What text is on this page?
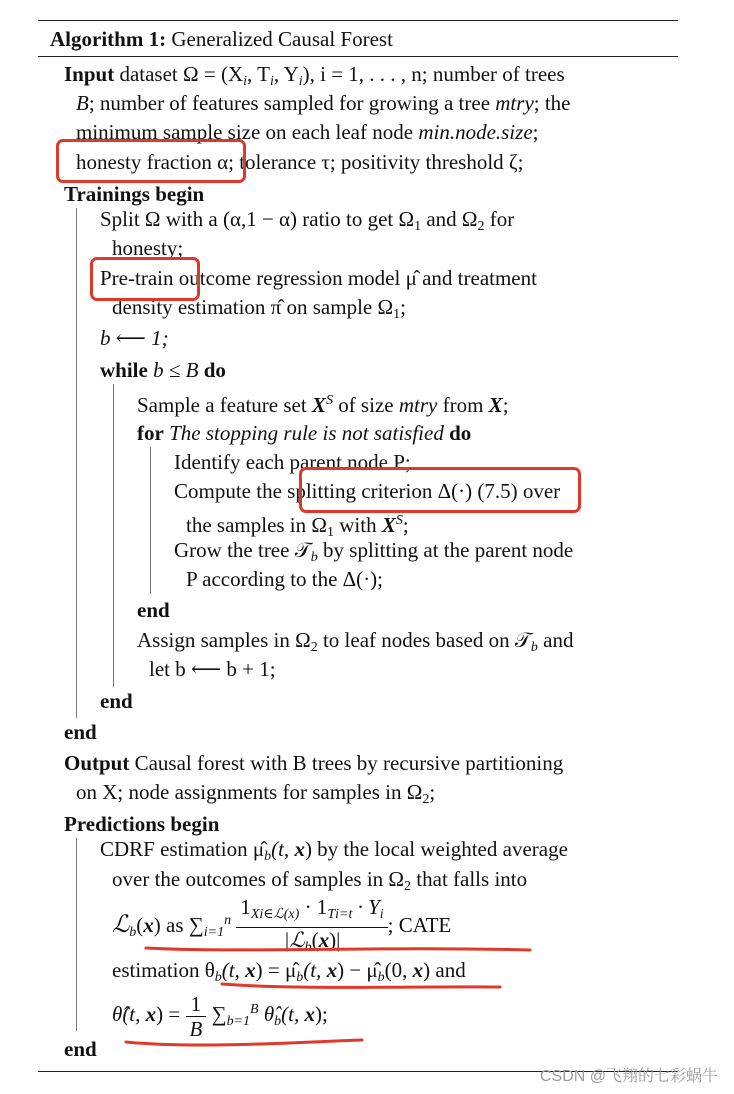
Algorithm 1: Generalized Causal Forest
Input dataset $\Omega = (X_i$, $T_i$, $Y_i$), i = 1, . . . , n; number of trees
B; number of features sampled for growing a tree mtry; the
minimum sample size on each leaf node min.node.size;
honesty fraction α; tolerance τ; positivity threshold ζ;
Trainings begin
Split Ω with a (α,1 − α) ratio to get $\Omega_1$ and $\Omega_2$ for
honesty;
Pre-train outcome regression model μ̂ and treatment
density estimation π̂ on sample $\Omega_1$;
b ⟵ 1;
while b ≤ B do
Sample a feature set $X^S$ of size mtry from X;
for The stopping rule is not satisfied do
Identify each parent node P;
Compute the splitting criterion Δ(·) (7.5) over
the samples in $\Omega_1$ with $X^S$;
Grow the tree 𝒯$_b$ by splitting at the parent node
P according to the Δ(·);
end
Assign samples in $\Omega_2$ to leaf nodes based on 𝒯$_b$ and
let b ⟵ b + 1;
end
end
Output Causal forest with B trees by recursive partitioning
on X; node assignments for samples in $\Omega_2$;
Predictions begin
CDRF estimation $\mû_b(t$, x) by the local weighted average
over the outcomes of samples in $\Omega_2$ that falls into
ℒ$_b$(x) as $\sum_{i=1}^n \frac{1_{Xi\in ℒ(x)} \cdot 1_{Ti=t} \cdot Y_i}{|ℒ_b(x)|}$ ; CATE
estimation $\theta_b(t$, $x) = \mû_b(t$, $x) - \mû_b(0$, x) and
θ̂(t, $x) = \frac{1}{B} \sum_{b=1}^B$ $\thetâ_b(t$, x);
end
CSDN @飞翔的七彩蜗牛
